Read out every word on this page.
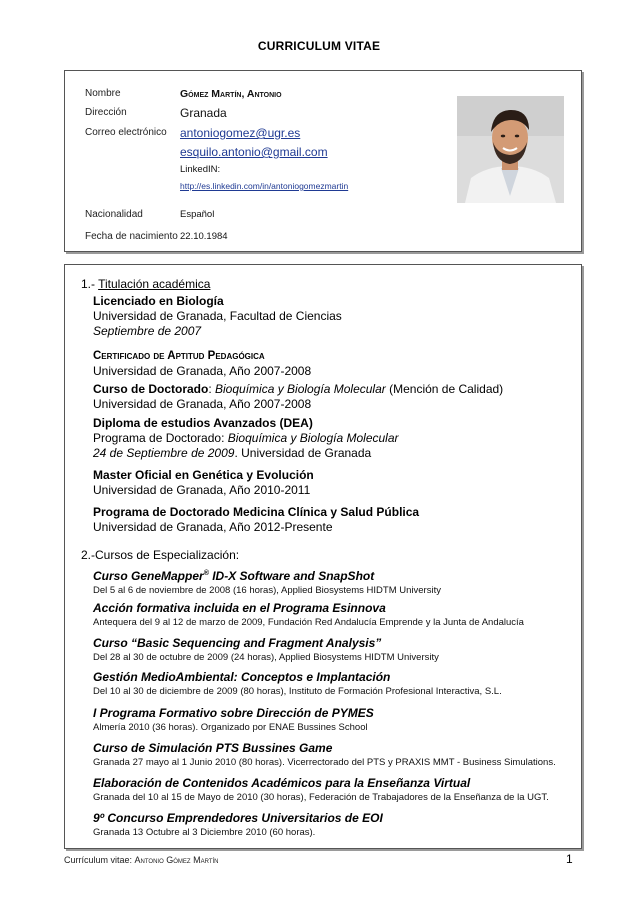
CURRICULUM VITAE
Nombre	Gómez Martín, Antonio
Dirección	Granada
Correo electrónico antoniogomez@ugr.es
esquilo.antonio@gmail.com
LinkedIN:
http://es.linkedin.com/in/antoniogomezmartin
Nacionalidad	Español
Fecha de nacimiento 22.10.1984
1.- Titulación académica
Licenciado en Biología
Universidad de Granada, Facultad de Ciencias
Septiembre de 2007
Certificado de Aptitud Pedagógica
Universidad de Granada, Año 2007-2008
Curso de Doctorado: Bioquímica y Biología Molecular (Mención de Calidad)
Universidad de Granada, Año 2007-2008
Diploma de estudios Avanzados (DEA)
Programa de Doctorado: Bioquímica y Biología Molecular
24 de Septiembre de 2009. Universidad de Granada
Master Oficial en Genética y Evolución
Universidad de Granada, Año 2010-2011
Programa de Doctorado Medicina Clínica y Salud Pública
Universidad de Granada, Año 2012-Presente
2.-Cursos de Especialización:
Curso GeneMapper® ID-X Software and SnapShot
Del 5 al 6 de noviembre de 2008 (16 horas), Applied Biosystems HIDTM University
Acción formativa incluida en el Programa Esinnova
Antequera del 9 al 12 de marzo de 2009, Fundación Red Andalucía Emprende y la Junta de Andalucía
Curso “Basic Sequencing and Fragment Analysis”
Del 28 al 30 de octubre de 2009 (24 horas), Applied Biosystems HIDTM University
Gestión MedioAmbiental: Conceptos e Implantación
Del 10 al 30 de diciembre de 2009 (80 horas), Instituto de Formación Profesional Interactiva, S.L.
I Programa Formativo sobre Dirección de PYMES
Almería 2010 (36 horas). Organizado por ENAE Bussines School
Curso de Simulación PTS Bussines Game
Granada 27 mayo al 1 Junio 2010 (80 horas). Vicerrectorado del PTS y PRAXIS MMT - Business Simulations.
Elaboración de Contenidos Académicos para la Enseñanza Virtual
Granada del 10 al 15 de Mayo de 2010 (30 horas), Federación de Trabajadores de la Enseñanza de la UGT.
9º Concurso Emprendedores Universitarios de EOI
Granada 13 Octubre al 3 Diciembre 2010 (60 horas).
Currículum vitae: Antonio Gómez Martín	1
